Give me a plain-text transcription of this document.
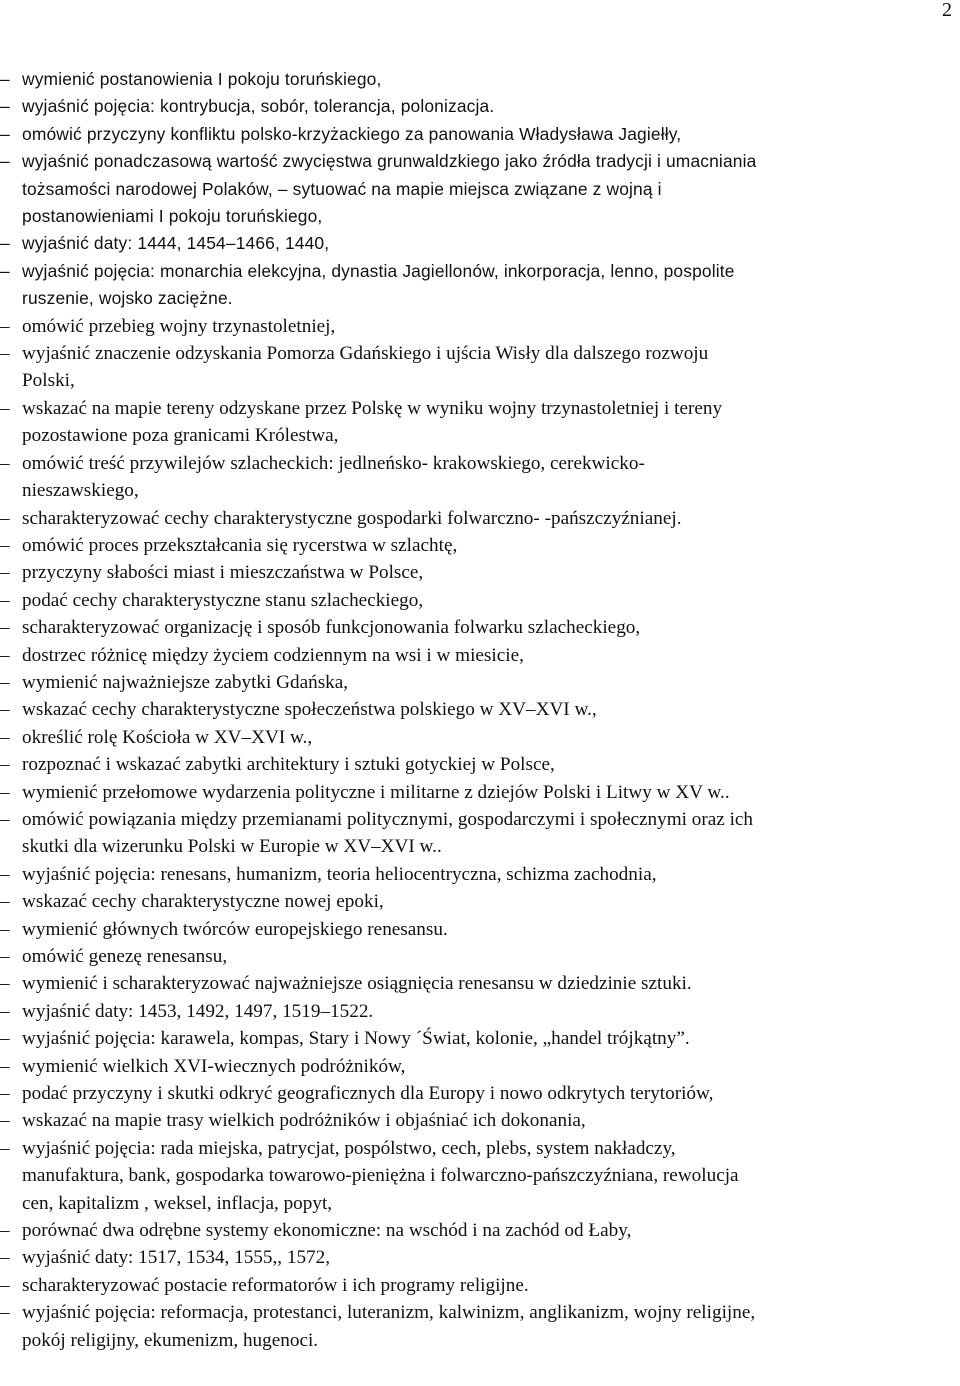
2
– wymienić postanowienia I pokoju toruńskiego,
– wyjaśnić pojęcia: kontrybucja, sobór, tolerancja, polonizacja.
– omówić przyczyny konfliktu polsko-krzyżackiego za panowania Władysława Jagiełły,
– wyjaśnić ponadczasową wartość zwycięstwa grunwaldzkiego jako źródła tradycji i umacniania
tożsamości narodowej Polaków, – sytuować na mapie miejsca związane z wojną i
postanowieniami I pokoju toruńskiego,
– wyjaśnić daty: 1444, 1454–1466, 1440,
– wyjaśnić pojęcia: monarchia elekcyjna, dynastia Jagiellonów, inkorporacja, lenno, pospolite
ruszenie, wojsko zaciężne.
– omówić przebieg wojny trzynastoletniej,
– wyjaśnić znaczenie odzyskania Pomorza Gdańskiego i ujścia Wisły dla dalszego rozwoju
Polski,
– wskazać na mapie tereny odzyskane przez Polskę w wyniku wojny trzynastoletniej i tereny
pozostawione poza granicami Królestwa,
– omówić treść przywilejów szlacheckich: jedlneńsko- krakowskiego, cerekwicko-
nieszawskiego,
– scharakteryzować cechy charakterystyczne gospodarki folwarczno- -pańszczyźnianej.
– omówić proces przekształcania się rycerstwa w szlachtę,
– przyczyny słabości miast i mieszczaństwa w Polsce,
– podać cechy charakterystyczne stanu szlacheckiego,
– scharakteryzować organizację i sposób funkcjonowania folwarku szlacheckiego,
– dostrzec różnicę między życiem codziennym na wsi i w miesicie,
– wymienić najważniejsze zabytki Gdańska,
– wskazać cechy charakterystyczne społeczeństwa polskiego w XV–XVI w.,
– określić rolę Kościoła w XV–XVI w.,
– rozpoznać i wskazać zabytki architektury i sztuki gotyckiej w Polsce,
– wymienić przełomowe wydarzenia polityczne i militarne z dziejów Polski i Litwy w XV w..
– omówić powiązania między przemianami politycznymi, gospodarczymi i społecznymi oraz ich
skutki dla wizerunku Polski w Europie w XV–XVI w..
– wyjaśnić pojęcia: renesans, humanizm, teoria heliocentryczna, schizma zachodnia,
– wskazać cechy charakterystyczne nowej epoki,
– wymienić głównych twórców europejskiego renesansu.
– omówić genezę renesansu,
– wymienić i scharakteryzować najważniejsze osiągnięcia renesansu w dziedzinie sztuki.
– wyjaśnić daty: 1453, 1492, 1497, 1519–1522.
– wyjaśnić pojęcia: karawela, kompas, Stary i Nowy ´Świat, kolonie, „handel trójkątny”.
– wymienić wielkich XVI-wiecznych podróżników,
– podać przyczyny i skutki odkryć geograficznych dla Europy i nowo odkrytych terytoriów,
– wskazać na mapie trasy wielkich podróżników i objaśniać ich dokonania,
– wyjaśnić pojęcia: rada miejska, patrycjat, pospólstwo, cech, plebs, system nakładczy,
manufaktura, bank, gospodarka towarowo-pieniężna i folwarczno-pańszczyźniana, rewolucja
cen, kapitalizm , weksel, inflacja, popyt,
– porównać dwa odrębne systemy ekonomiczne: na wschód i na zachód od Łaby,
– wyjaśnić daty: 1517, 1534, 1555,, 1572,
– scharakteryzować postacie reformatorów i ich programy religijne.
– wyjaśnić pojęcia: reformacja, protestanci, luteranizm, kalwinizm, anglikanizm, wojny religijne,
pokój religijny, ekumenizm, hugenoci.
